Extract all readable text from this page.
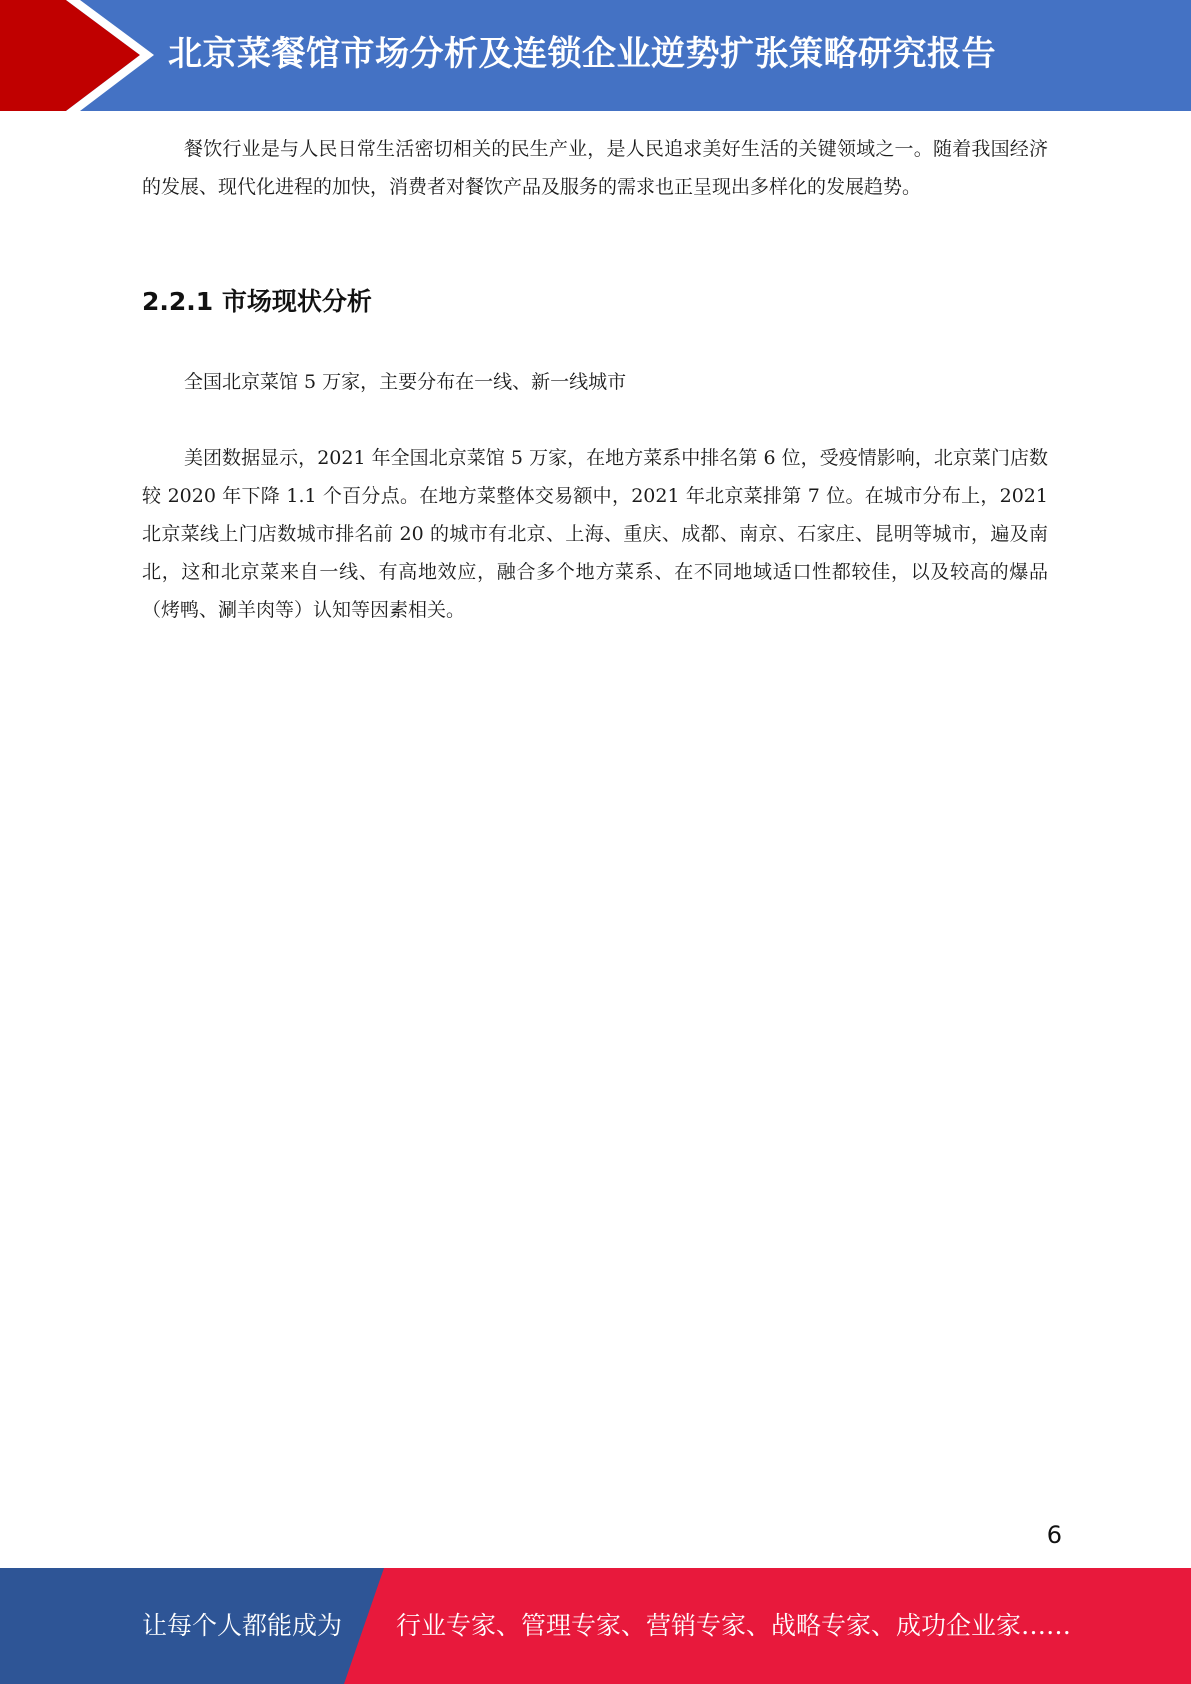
北京菜餐馆市场分析及连锁企业逆势扩张策略研究报告

餐饮行业是与人民日常生活密切相关的民生产业，是人民追求美好生活的关键领域之一。随着我国经济的发展、现代化进程的加快，消费者对餐饮产品及服务的需求也正呈现出多样化的发展趋势。

2.2.1 市场现状分析

全国北京菜馆 5 万家，主要分布在一线、新一线城市

美团数据显示，2021 年全国北京菜馆 5 万家，在地方菜系中排名第 6 位，受疫情影响，北京菜门店数较 2020 年下降 1.1 个百分点。在地方菜整体交易额中，2021 年北京菜排第 7 位。在城市分布上，2021 北京菜线上门店数城市排名前 20 的城市有北京、上海、重庆、成都、南京、石家庄、昆明等城市，遍及南北，这和北京菜来自一线、有高地效应，融合多个地方菜系、在不同地域适口性都较佳，以及较高的爆品（烤鸭、涮羊肉等）认知等因素相关。

6
让每个人都能成为 行业专家、管理专家、营销专家、战略专家、成功企业家……
